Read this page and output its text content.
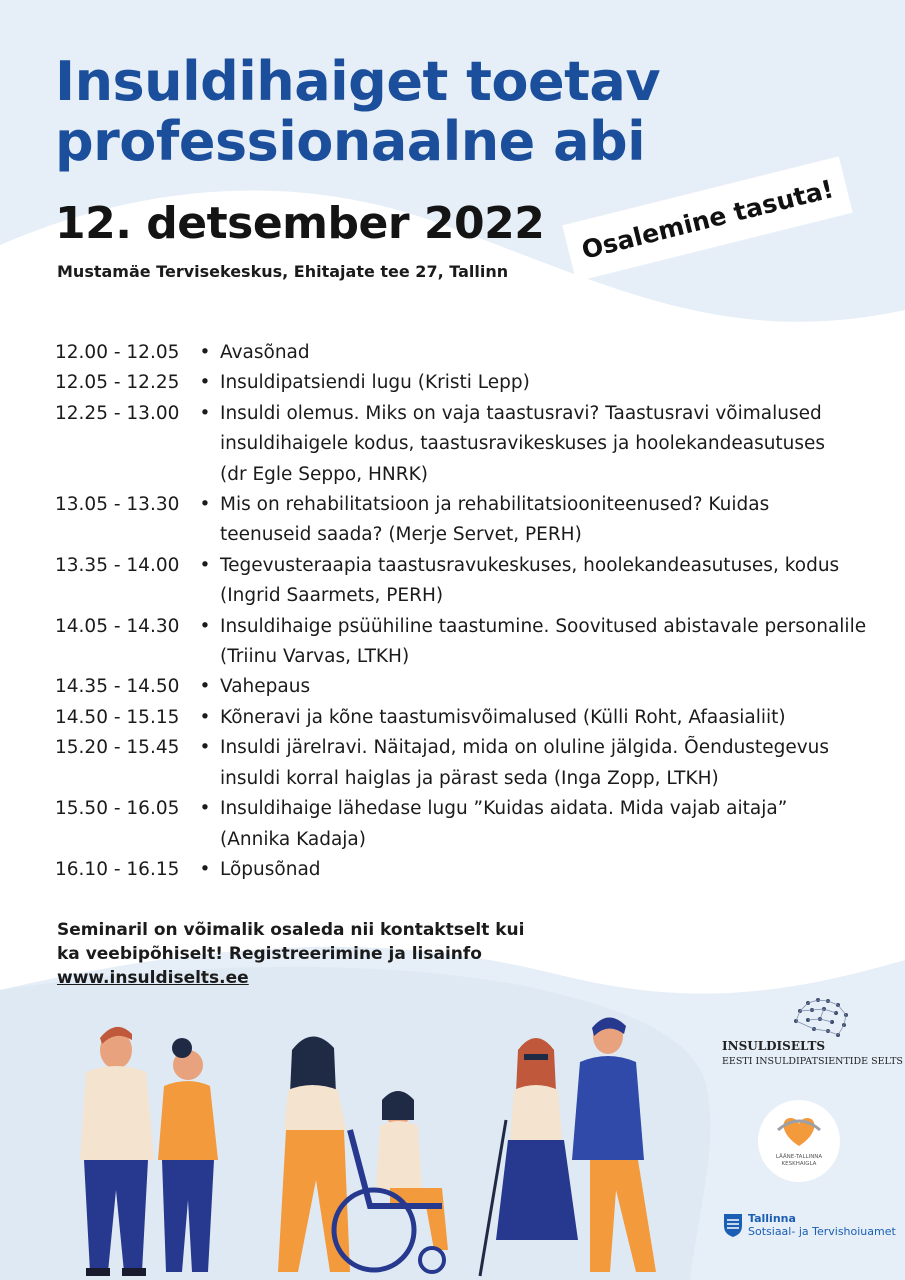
Insuldihaiget toetav
professionaalne abi
12. detsember 2022
Mustamäe Tervisekeskus, Ehitajate tee 27, Tallinn
Osalemine tasuta!
12.00 - 12.05	• Avasõnad
12.05 - 12.25	• Insuldipatsiendi lugu (Kristi Lepp)
12.25 - 13.00	• Insuldi olemus. Miks on vaja taastusravi? Taastusravi võimalused
insuldihaigele kodus, taastusravikeskuses ja hoolekandeasutuses
(dr Egle Seppo, HNRK)
13.05 - 13.30	• Mis on rehabilitatsioon ja rehabilitatsiooniteenused? Kuidas
teenuseid saada? (Merje Servet, PERH)
13.35 - 14.00	• Tegevusteraapia taastusravukeskuses, hoolekandeasutuses, kodus
(Ingrid Saarmets, PERH)
14.05 - 14.30	• Insuldihaige psüühiline taastumine. Soovitused abistavale personalile
(Triinu Varvas, LTKH)
14.35 - 14.50	• Vahepaus
14.50 - 15.15	• Kõneravi ja kõne taastumisvõimalused (Külli Roht, Afaasialiit)
15.20 - 15.45	• Insuldi järelravi. Näitajad, mida on oluline jälgida. Õendustegevus
insuldi korral haiglas ja pärast seda (Inga Zopp, LTKH)
15.50 - 16.05	• Insuldihaige lähedase lugu ”Kuidas aidata. Mida vajab aitaja”
(Annika Kadaja)
16.10 - 16.15	• Lõpusõnad
Seminaril on võimalik osaleda nii kontaktselt kui
ka veebipõhiselt! Registreerimine ja lisainfo
www.insuldiselts.ee
INSULDISELTS
EESTI INSULDIPATSIENTIDE SELTS
LÄÄNE-TALLINNA
KESKHAIGLA
Tallinna
Sotsiaal- ja Tervishoiuamet
